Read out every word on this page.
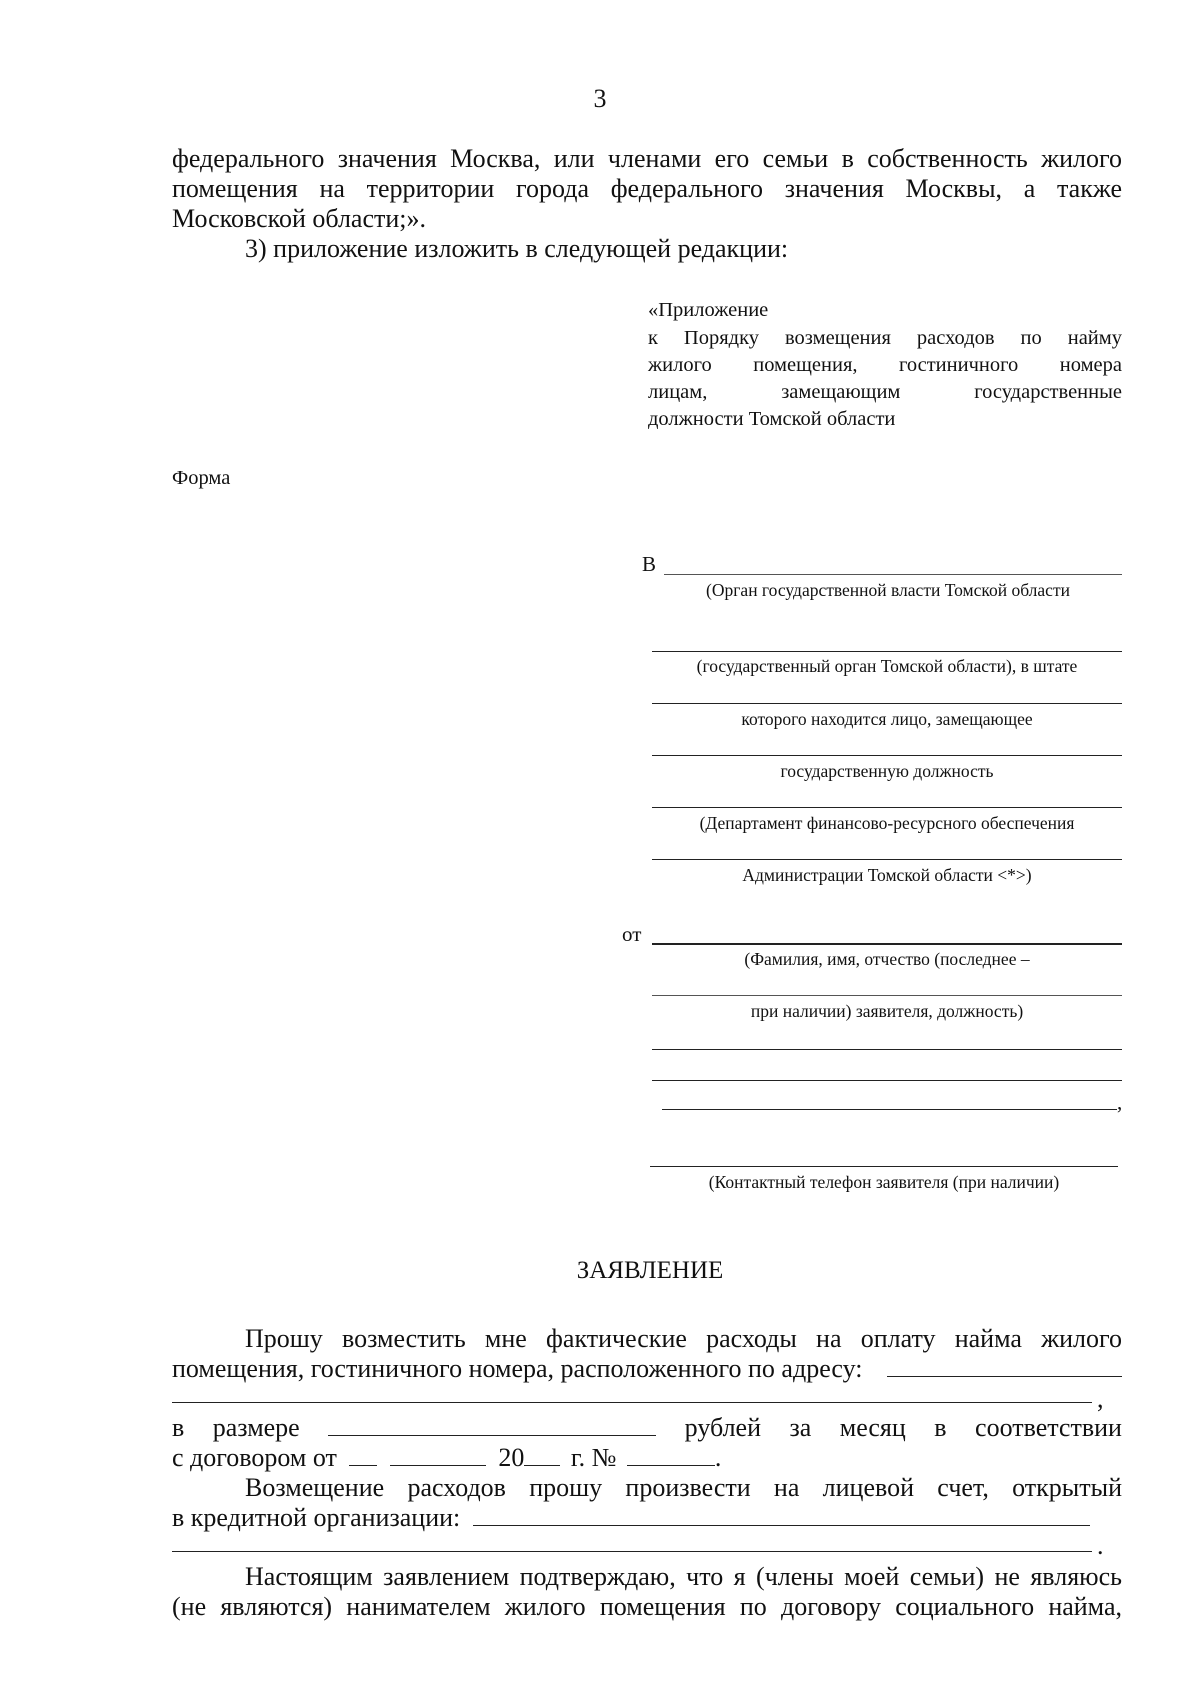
3
федерального значения Москва, или членами его семьи в собственность жилого
помещения на территории города федерального значения Москвы, а также
Московской области;».
3) приложение изложить в следующей редакции:
«Приложение
к Порядку возмещения расходов по найму
жилого помещения, гостиничного номера
лицам, замещающим государственные
должности Томской области
Форма
В
(Орган государственной власти Томской области
(государственный орган Томской области), в штате
которого находится лицо, замещающее
государственную должность
(Департамент финансово-ресурсного обеспечения
Администрации Томской области <*>)
от
(Фамилия, имя, отчество (последнее –
при наличии) заявителя, должность)
,
(Контактный телефон заявителя (при наличии)
ЗАЯВЛЕНИЕ
Прошу возместить мне фактические расходы на оплату найма жилого
помещения, гостиничного номера, расположенного по адресу:
,
в размере	рублей за месяц в соответствии
с договором от	20 г. №	.
Возмещение расходов прошу произвести на лицевой счет, открытый
в кредитной организации:
.
Настоящим заявлением подтверждаю, что я (члены моей семьи) не являюсь
(не являются) нанимателем жилого помещения по договору социального найма,
